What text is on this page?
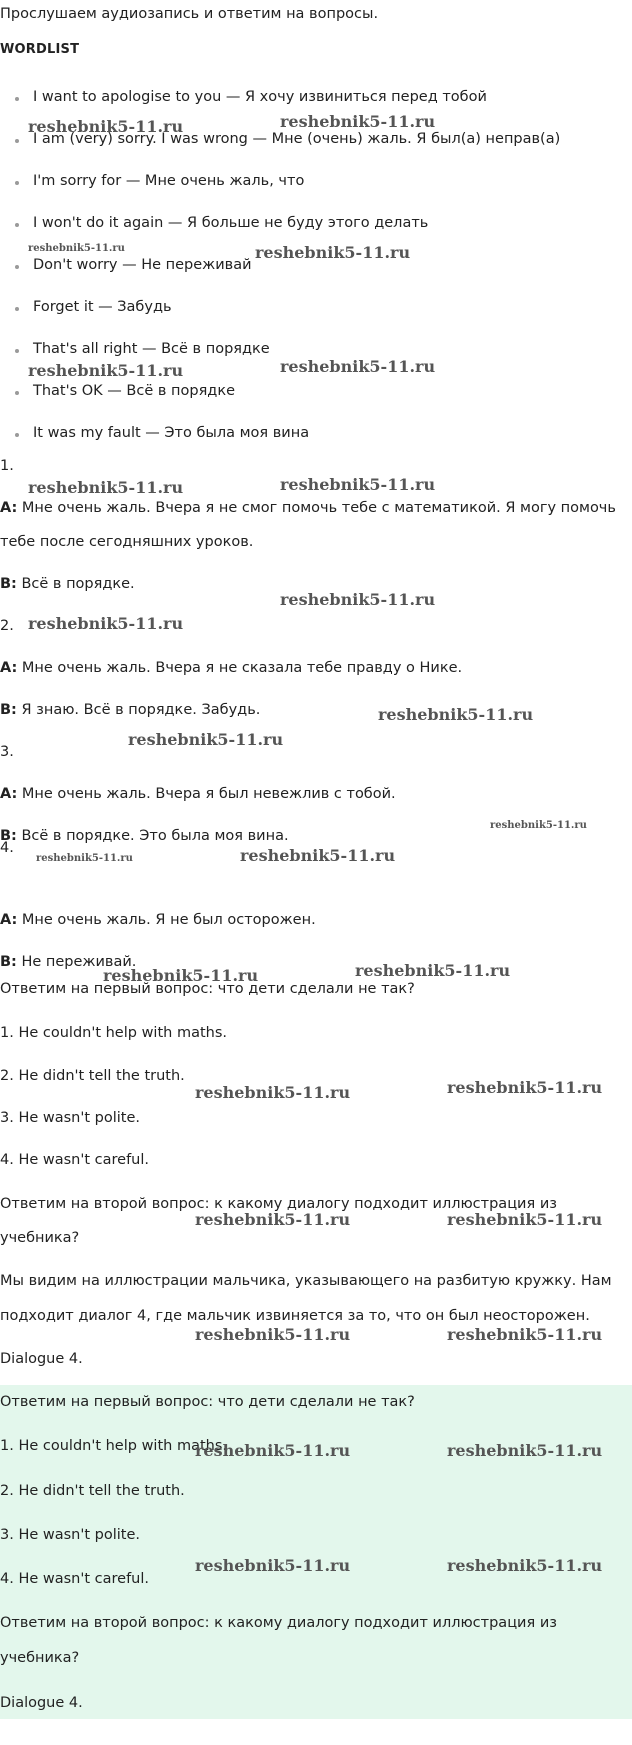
Прослушаем аудиозапись и ответим на вопросы.
WORDLIST
I want to apologise to you — Я хочу извиниться перед тобой
I am (very) sorry. I was wrong — Мне (очень) жаль. Я был(а) неправ(а)
I'm sorry for — Мне очень жаль, что
I won't do it again — Я больше не буду этого делать
Don't worry — Не переживай
Forget it — Забудь
That's all right — Всё в порядке
That's OK — Всё в порядке
It was my fault — Это была моя вина
1.
A: Мне очень жаль. Вчера я не смог помочь тебе с математикой. Я могу помочь
тебе после сегодняшних уроков.
B: Всё в порядке.
2.
A: Мне очень жаль. Вчера я не сказала тебе правду о Нике.
B: Я знаю. Всё в порядке. Забудь.
3.
A: Мне очень жаль. Вчера я был невежлив с тобой.
B: Всё в порядке. Это была моя вина.
4.
A: Мне очень жаль. Я не был осторожен.
B: Не переживай.
Ответим на первый вопрос: что дети сделали не так?
1. He couldn't help with maths.
2. He didn't tell the truth.
3. He wasn't polite.
4. He wasn't careful.
Ответим на второй вопрос: к какому диалогу подходит иллюстрация из
учебника?
Мы видим на иллюстрации мальчика, указывающего на разбитую кружку. Нам
подходит диалог 4, где мальчик извиняется за то, что он был неосторожен.
Dialogue 4.
Ответим на первый вопрос: что дети сделали не так?
1. He couldn't help with maths.
2. He didn't tell the truth.
3. He wasn't polite.
4. He wasn't careful.
Ответим на второй вопрос: к какому диалогу подходит иллюстрация из
учебника?
Dialogue 4.
reshebnik5-11.ru	reshebnik5-11.ru
reshebnik5-11.ru	reshebnik5-11.ru
reshebnik5-11.ru	reshebnik5-11.ru
reshebnik5-11.ru	reshebnik5-11.ru
reshebnik5-11.ru
reshebnik5-11.ru
reshebnik5-11.ru
reshebnik5-11.ru
reshebnik5-11.ru
reshebnik5-11.ru	reshebnik5-11.ru
reshebnik5-11.ru	reshebnik5-11.ru
reshebnik5-11.ru	reshebnik5-11.ru
reshebnik5-11.ru	reshebnik5-11.ru
reshebnik5-11.ru	reshebnik5-11.ru
reshebnik5-11.ru	reshebnik5-11.ru
reshebnik5-11.ru	reshebnik5-11.ru
